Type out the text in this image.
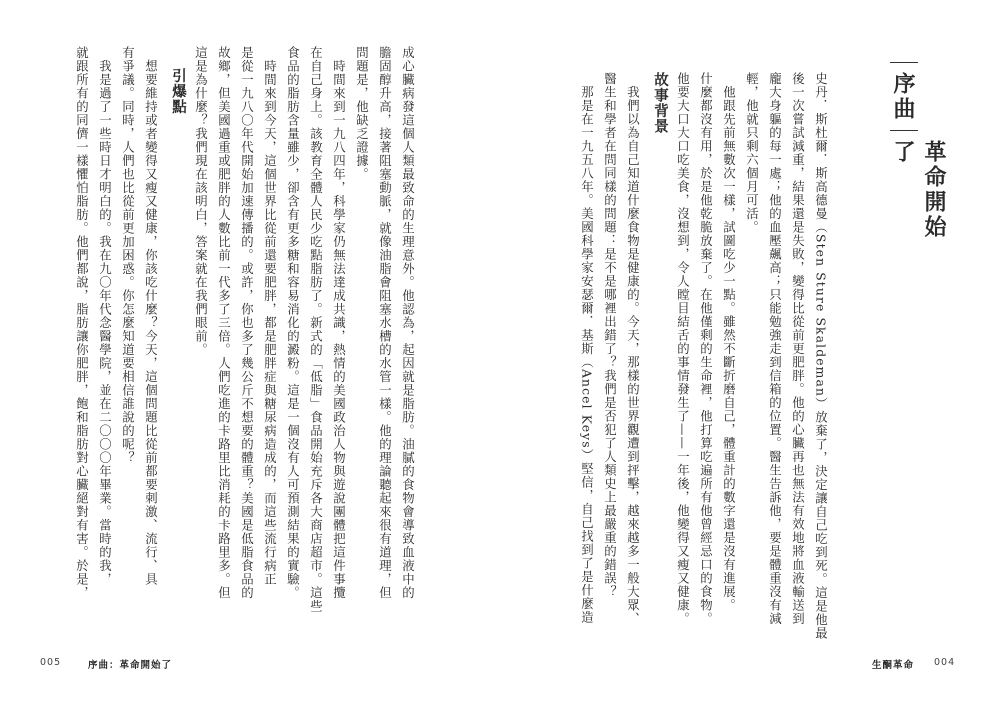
序曲
革命開始了
史丹．斯杜爾．斯高德曼（Sten Sture Skaldeman）放棄了，決定讓自己吃到死。這是他最
後一次嘗試減重，結果還是失敗，變得比從前更肥胖。他的心臟再也無法有效地將血液輸送到
龐大身軀的每一處；他的血壓飆高；只能勉強走到信箱的位置。醫生告訴他，要是體重沒有減
輕，他就只剩六個月可活。
　他跟先前無數次一樣，試圖吃少一點。雖然不斷折磨自己，體重計的數字還是沒有進展。
什麼都沒有用，於是他乾脆放棄了。在他僅剩的生命裡，他打算吃遍所有他曾經忌口的食物。
他要大口大口吃美食，沒想到，令人瞠目結舌的事情發生了——一年後，他變得又瘦又健康。
故事背景
　我們以為自己知道什麼食物是健康的。今天，那樣的世界觀遭到抨擊，越來越多一般大眾、
醫生和學者在問同樣的問題：是不是哪裡出錯了？我們是否犯了人類史上最嚴重的錯誤？
　那是在一九五八年。美國科學家安瑟爾．基斯（Ancel Keys）堅信，自己找到了是什麼造
成心臟病發這個人類最致命的生理意外。他認為，起因就是脂肪。油膩的食物會導致血液中的
膽固醇升高，接著阻塞動脈，就像油脂會阻塞水槽的水管一樣。他的理論聽起來很有道理，但
問題是，他缺乏證據。
　時間來到一九八四年，科學家仍無法達成共識，熱情的美國政治人物與遊說團體把這件事攬
在自己身上。該教育全體人民少吃點脂肪了。新式的「低脂」食品開始充斥各大商店超市。這些
食品的脂肪含量雖少，卻含有更多糖和容易消化的澱粉。這是一個沒有人可預測結果的實驗。
　時間來到今天，這個世界比從前還要肥胖，都是肥胖症與糖尿病造成的，而這些流行病正
是從一九八〇年代開始加速傳播的。或許，你也多了幾公斤不想要的體重？美國是低脂食品的
故鄉，但美國過重或肥胖的人數比前一代多了三倍。人們吃進的卡路里比消耗的卡路里多。但
這是為什麼？我們現在該明白，答案就在我們眼前。
引爆點
　想要維持或者變得又瘦又健康，你該吃什麼？今天，這個問題比從前都要刺激、流行、具
有爭議。同時，人們也比從前更加困惑。你怎麼知道要相信誰說的呢？
　我是過了一些時日才明白的。我在九〇年代念醫學院，並在二〇〇〇年畢業。當時的我，
就跟所有的同儕一樣懼怕脂肪。他們都說，脂肪讓你肥胖，飽和脂肪對心臟絕對有害。於是，
005	序曲：革命開始了	生酮革命 004
